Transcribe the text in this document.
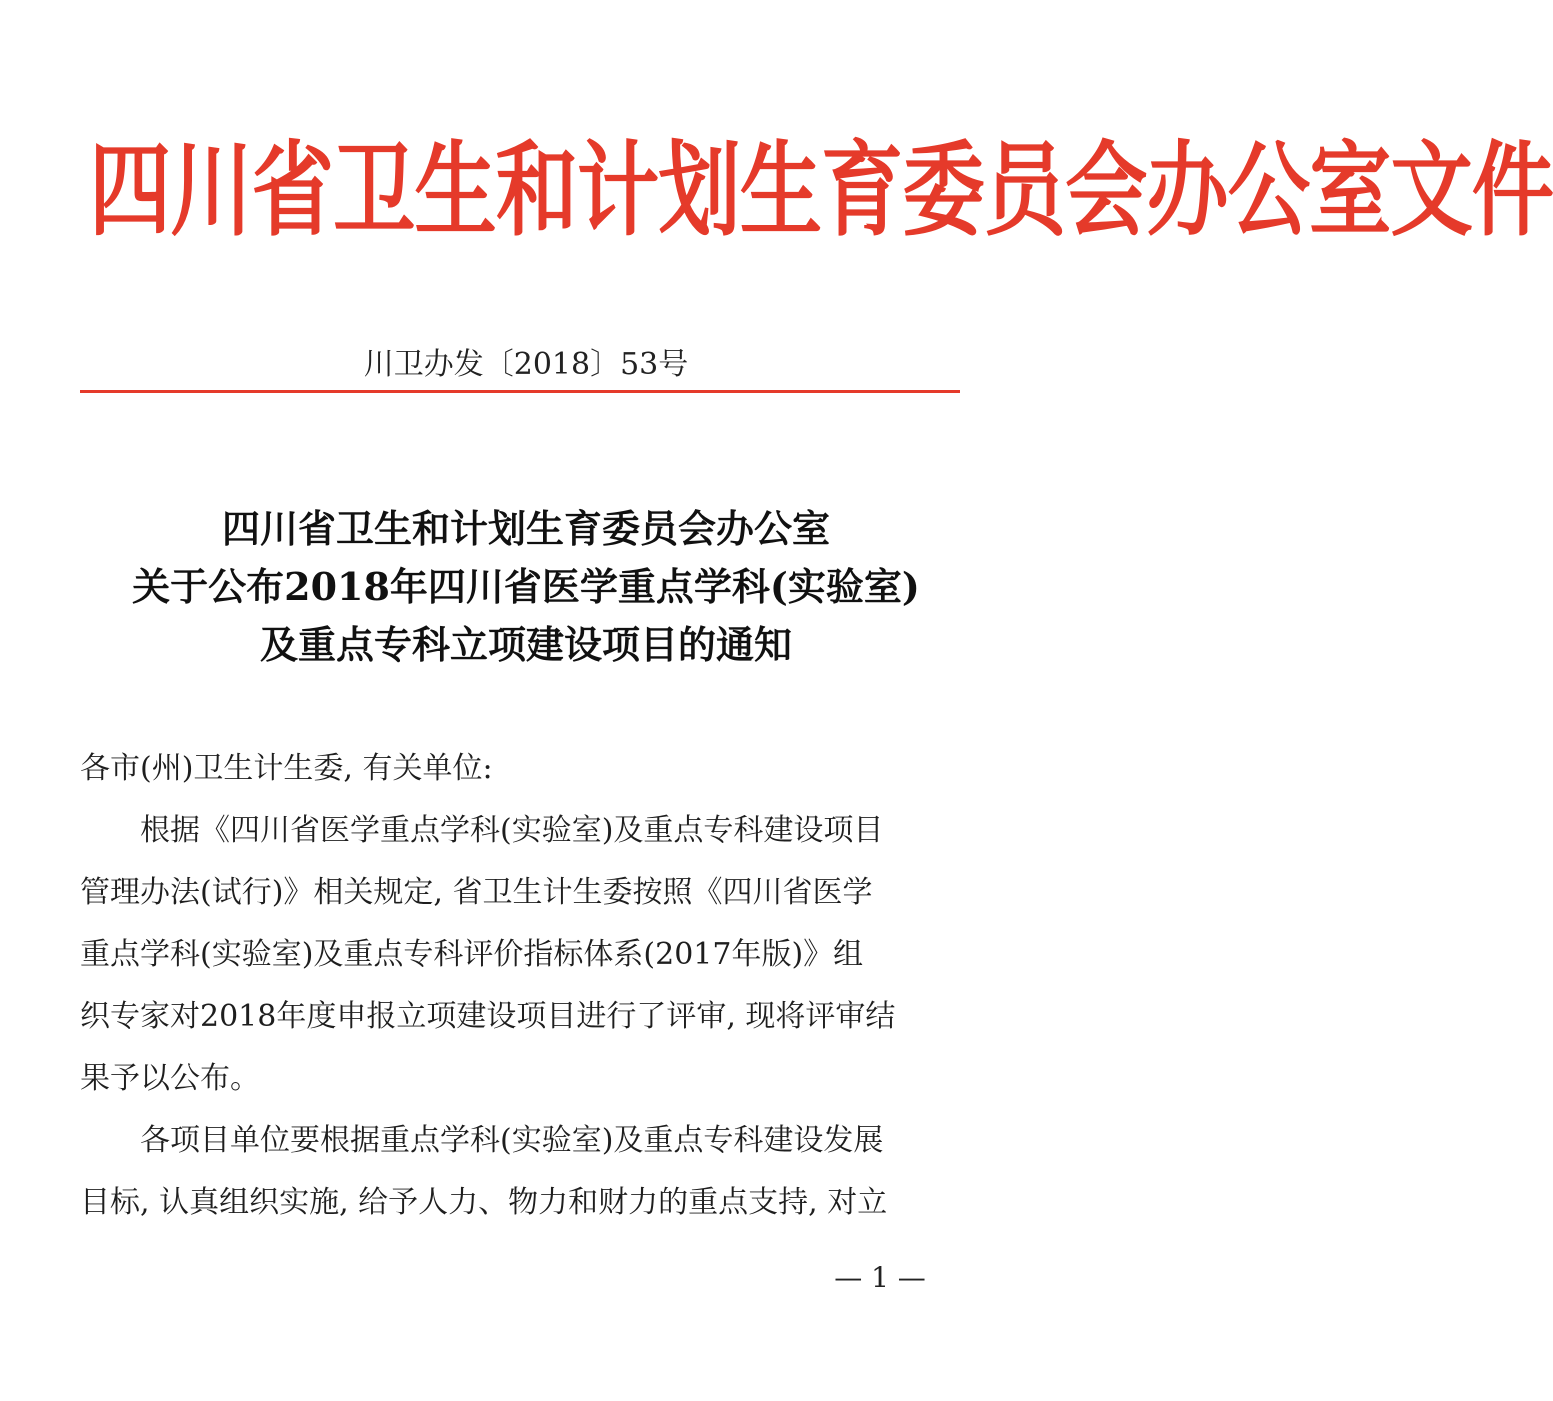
四川省卫生和计划生育委员会办公室文件
川卫办发〔2018〕53号
四川省卫生和计划生育委员会办公室
关于公布2018年四川省医学重点学科(实验室)
及重点专科立项建设项目的通知

各市(州)卫生计生委, 有关单位:

根据《四川省医学重点学科(实验室)及重点专科建设项目

管理办法(试行)》相关规定, 省卫生计生委按照《四川省医学

重点学科(实验室)及重点专科评价指标体系(2017年版)》组

织专家对2018年度申报立项建设项目进行了评审, 现将评审结

果予以公布。

各项目单位要根据重点学科(实验室)及重点专科建设发展

目标, 认真组织实施, 给予人力、物力和财力的重点支持, 对立

— 1 —
